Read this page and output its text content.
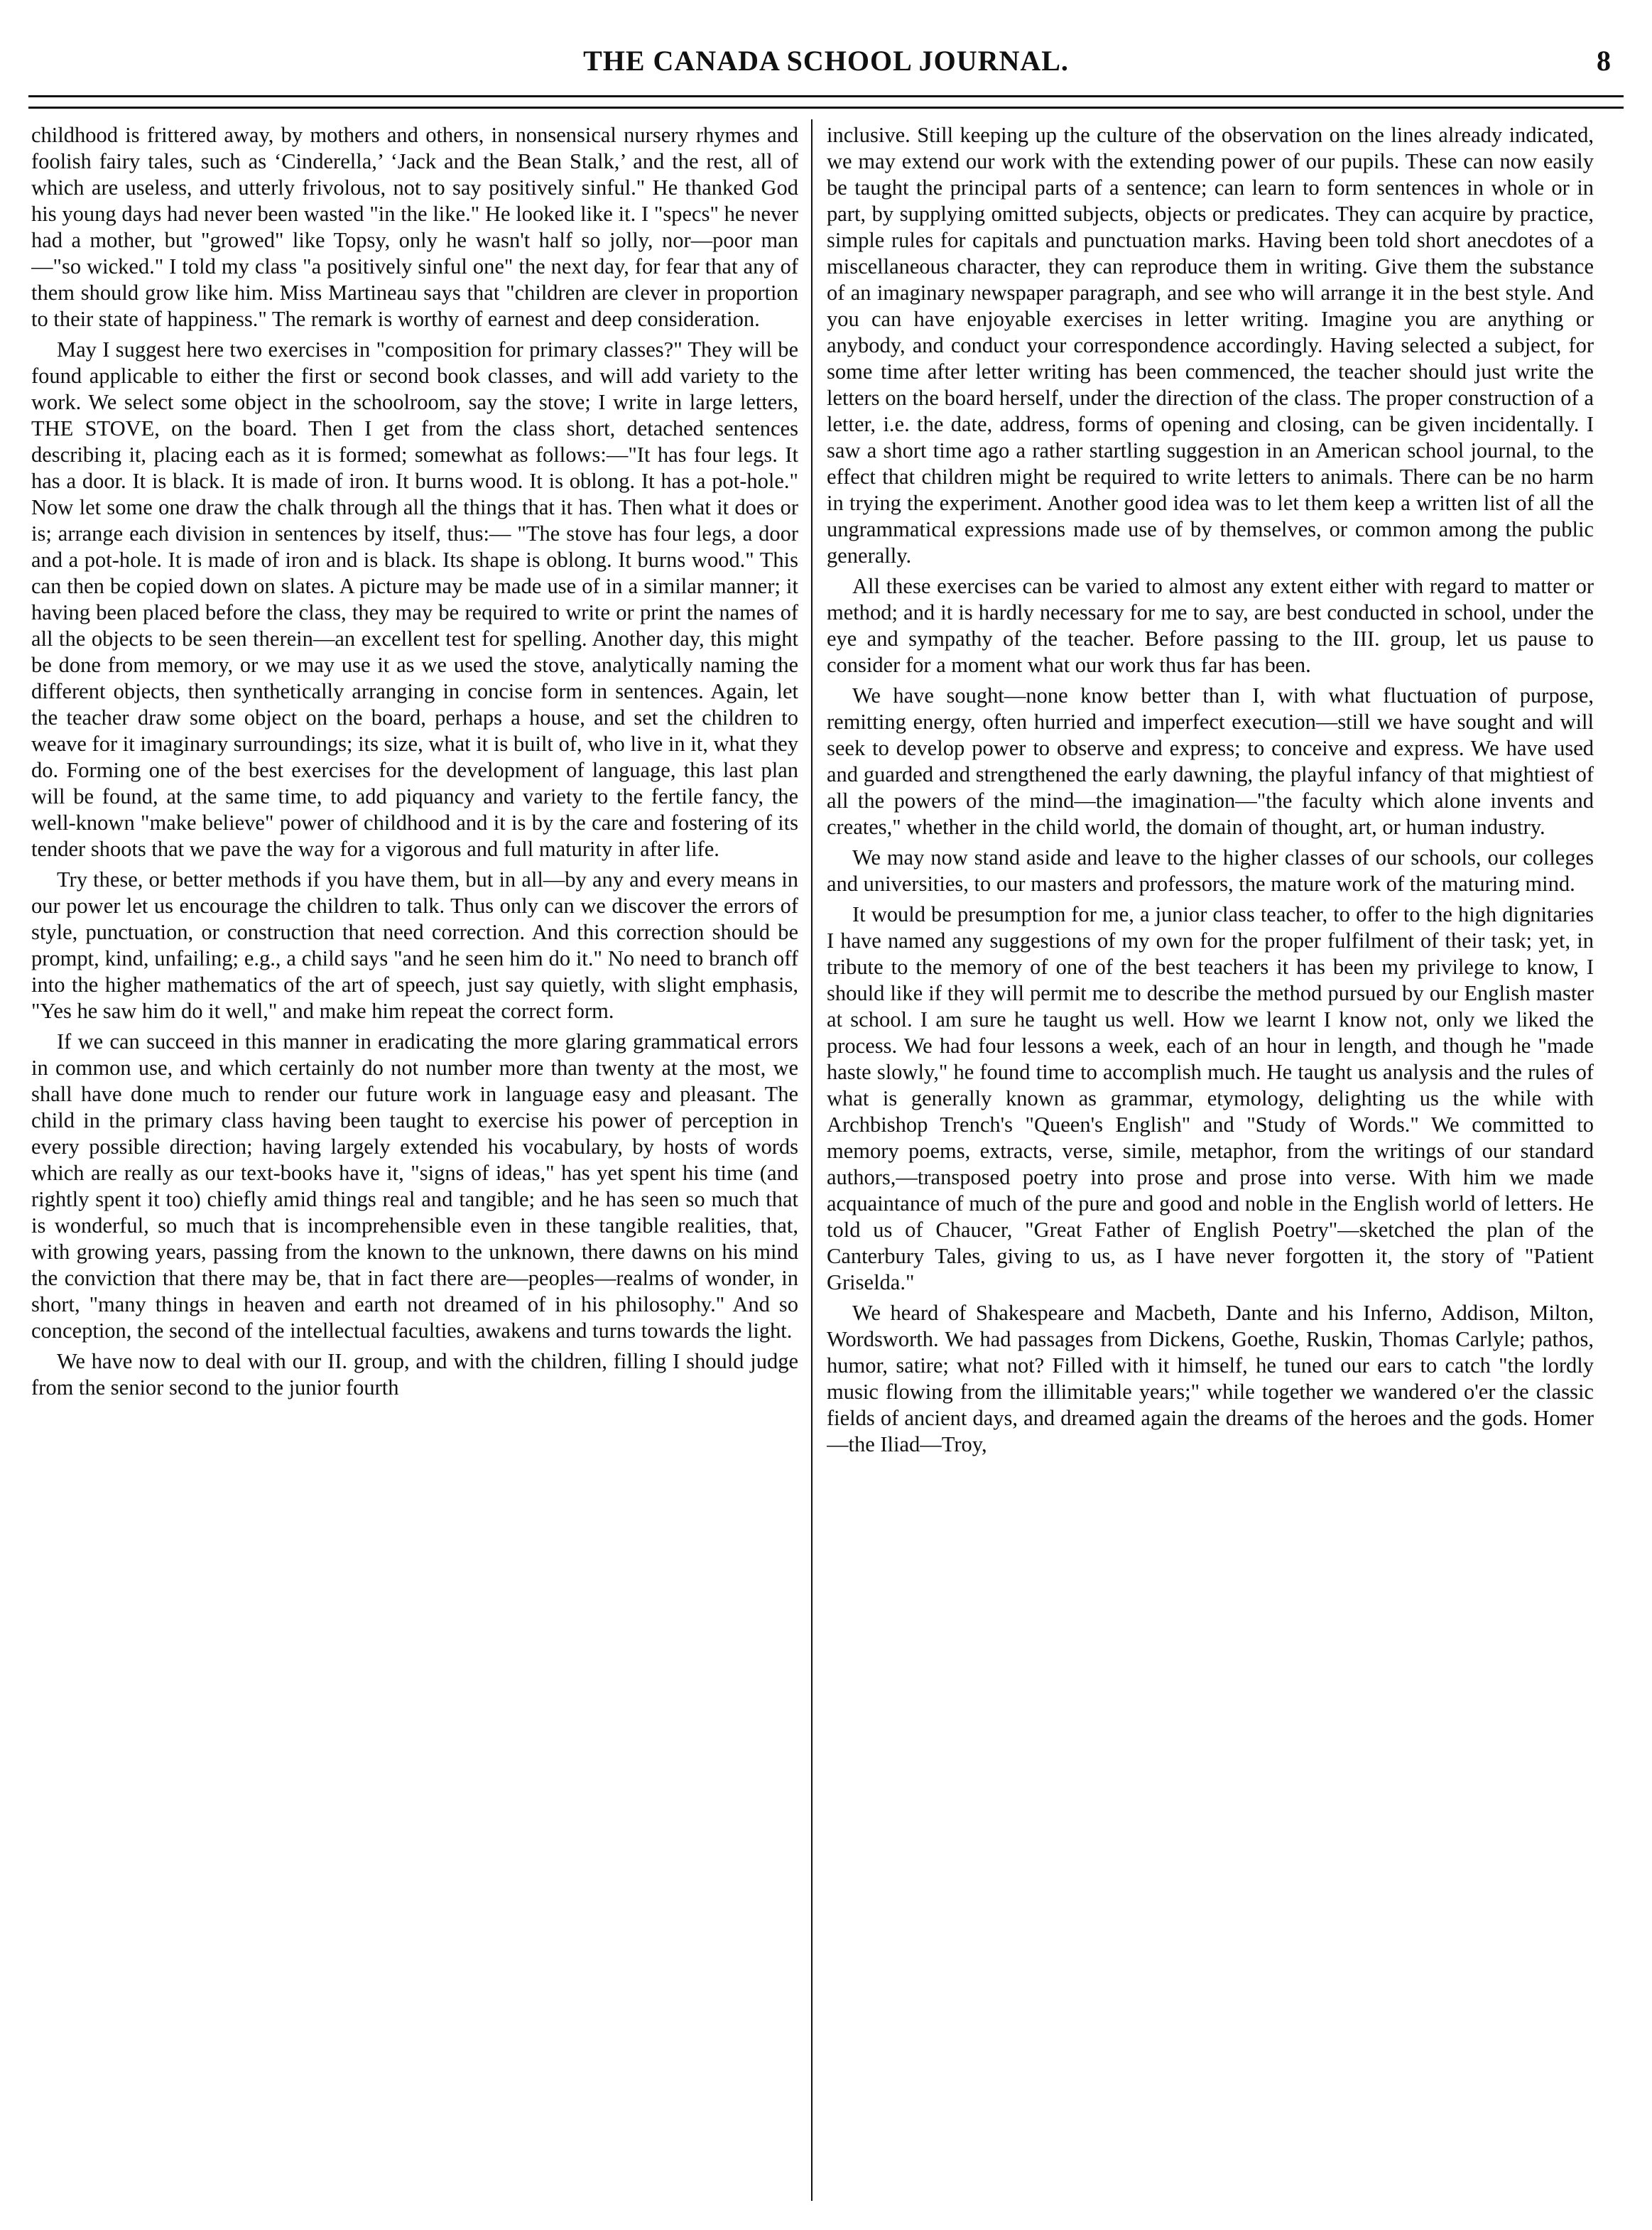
THE CANADA SCHOOL JOURNAL.	8

childhood is frittered away, by mothers and others, in nonsensical nursery rhymes and foolish fairy tales, such as ‘Cinderella,’ ‘Jack and the Bean Stalk,’ and the rest, all of which are useless, and utterly frivolous, not to say positively sinful." He thanked God his young days had never been wasted "in the like." He looked like it. I "specs" he never had a mother, but "growed" like Topsy, only he wasn't half so jolly, nor—poor man—"so wicked." I told my class "a positively sinful one" the next day, for fear that any of them should grow like him. Miss Martineau says that "children are clever in proportion to their state of happiness." The remark is worthy of earnest and deep consideration.

May I suggest here two exercises in "composition for primary classes?" They will be found applicable to either the first or second book classes, and will add variety to the work. We select some object in the schoolroom, say the stove; I write in large letters, THE STOVE, on the board. Then I get from the class short, detached sentences describing it, placing each as it is formed; somewhat as follows:—"It has four legs. It has a door. It is black. It is made of iron. It burns wood. It is oblong. It has a pot-hole." Now let some one draw the chalk through all the things that it has. Then what it does or is; arrange each division in sentences by itself, thus:— "The stove has four legs, a door and a pot-hole. It is made of iron and is black. Its shape is oblong. It burns wood." This can then be copied down on slates. A picture may be made use of in a similar manner; it having been placed before the class, they may be required to write or print the names of all the objects to be seen therein—an excellent test for spelling. Another day, this might be done from memory, or we may use it as we used the stove, analytically naming the different objects, then synthetically arranging in concise form in sentences. Again, let the teacher draw some object on the board, perhaps a house, and set the children to weave for it imaginary surroundings; its size, what it is built of, who live in it, what they do. Forming one of the best exercises for the development of language, this last plan will be found, at the same time, to add piquancy and variety to the fertile fancy, the well-known "make believe" power of childhood and it is by the care and fostering of its tender shoots that we pave the way for a vigorous and full maturity in after life.

Try these, or better methods if you have them, but in all—by any and every means in our power let us encourage the children to talk. Thus only can we discover the errors of style, punctuation, or construction that need correction. And this correction should be prompt, kind, unfailing; e.g., a child says "and he seen him do it." No need to branch off into the higher mathematics of the art of speech, just say quietly, with slight emphasis, "Yes he saw him do it well," and make him repeat the correct form.

If we can succeed in this manner in eradicating the more glaring grammatical errors in common use, and which certainly do not number more than twenty at the most, we shall have done much to render our future work in language easy and pleasant. The child in the primary class having been taught to exercise his power of perception in every possible direction; having largely extended his vocabulary, by hosts of words which are really as our text-books have it, "signs of ideas," has yet spent his time (and rightly spent it too) chiefly amid things real and tangible; and he has seen so much that is wonderful, so much that is incomprehensible even in these tangible realities, that, with growing years, passing from the known to the unknown, there dawns on his mind the conviction that there may be, that in fact there are—peoples—realms of wonder, in short, "many things in heaven and earth not dreamed of in his philosophy." And so conception, the second of the intellectual faculties, awakens and turns towards the light.

We have now to deal with our II. group, and with the children, filling I should judge from the senior second to the junior fourth

inclusive. Still keeping up the culture of the observation on the lines already indicated, we may extend our work with the extending power of our pupils. These can now easily be taught the principal parts of a sentence; can learn to form sentences in whole or in part, by supplying omitted subjects, objects or predicates. They can acquire by practice, simple rules for capitals and punctuation marks. Having been told short anecdotes of a miscellaneous character, they can reproduce them in writing. Give them the substance of an imaginary newspaper paragraph, and see who will arrange it in the best style. And you can have enjoyable exercises in letter writing. Imagine you are anything or anybody, and conduct your correspondence accordingly. Having selected a subject, for some time after letter writing has been commenced, the teacher should just write the letters on the board herself, under the direction of the class. The proper construction of a letter, i.e. the date, address, forms of opening and closing, can be given incidentally. I saw a short time ago a rather startling suggestion in an American school journal, to the effect that children might be required to write letters to animals. There can be no harm in trying the experiment. Another good idea was to let them keep a written list of all the ungrammatical expressions made use of by themselves, or common among the public generally.

All these exercises can be varied to almost any extent either with regard to matter or method; and it is hardly necessary for me to say, are best conducted in school, under the eye and sympathy of the teacher. Before passing to the III. group, let us pause to consider for a moment what our work thus far has been.

We have sought—none know better than I, with what fluctuation of purpose, remitting energy, often hurried and imperfect execution—still we have sought and will seek to develop power to observe and express; to conceive and express. We have used and guarded and strengthened the early dawning, the playful infancy of that mightiest of all the powers of the mind—the imagination—"the faculty which alone invents and creates," whether in the child world, the domain of thought, art, or human industry.

We may now stand aside and leave to the higher classes of our schools, our colleges and universities, to our masters and professors, the mature work of the maturing mind.

It would be presumption for me, a junior class teacher, to offer to the high dignitaries I have named any suggestions of my own for the proper fulfilment of their task; yet, in tribute to the memory of one of the best teachers it has been my privilege to know, I should like if they will permit me to describe the method pursued by our English master at school. I am sure he taught us well. How we learnt I know not, only we liked the process. We had four lessons a week, each of an hour in length, and though he "made haste slowly," he found time to accomplish much. He taught us analysis and the rules of what is generally known as grammar, etymology, delighting us the while with Archbishop Trench's "Queen's English" and "Study of Words." We committed to memory poems, extracts, verse, simile, metaphor, from the writings of our standard authors,—transposed poetry into prose and prose into verse. With him we made acquaintance of much of the pure and good and noble in the English world of letters. He told us of Chaucer, "Great Father of English Poetry"—sketched the plan of the Canterbury Tales, giving to us, as I have never forgotten it, the story of "Patient Griselda."

We heard of Shakespeare and Macbeth, Dante and his Inferno, Addison, Milton, Wordsworth. We had passages from Dickens, Goethe, Ruskin, Thomas Carlyle; pathos, humor, satire; what not? Filled with it himself, he tuned our ears to catch "the lordly music flowing from the illimitable years;" while together we wandered o'er the classic fields of ancient days, and dreamed again the dreams of the heroes and the gods. Homer—the Iliad—Troy,
